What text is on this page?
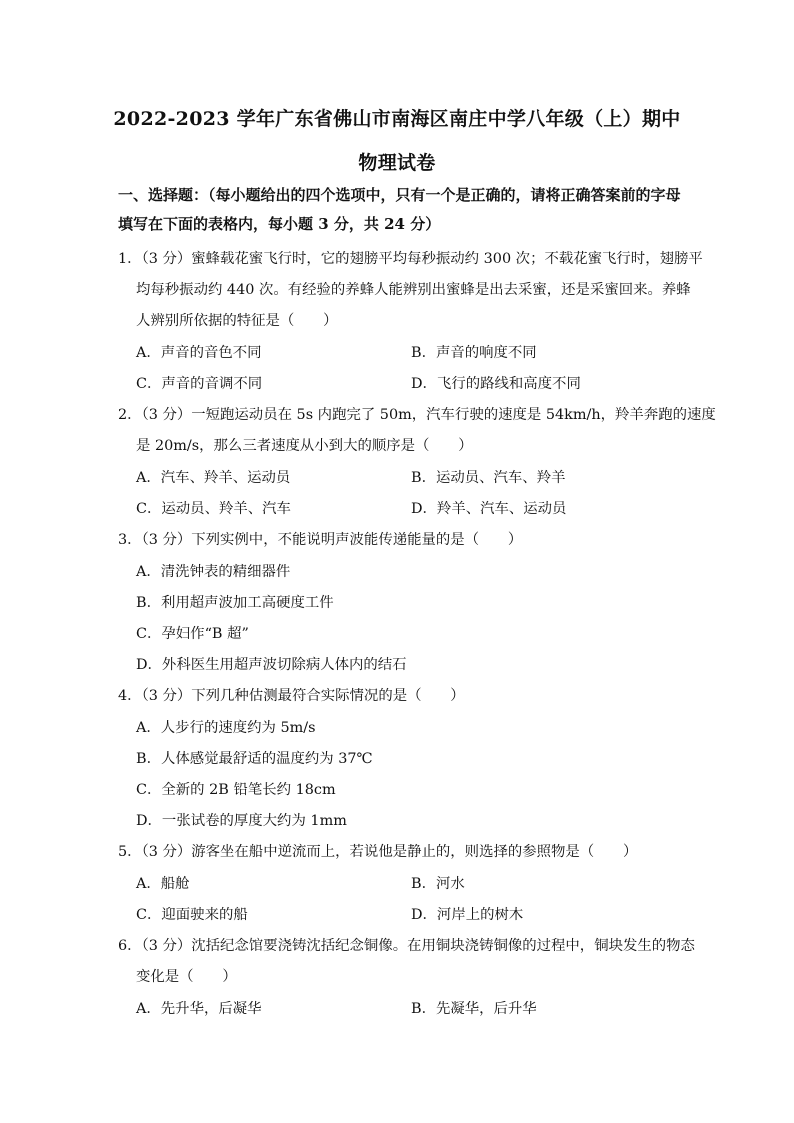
2022-2023 学年广东省佛山市南海区南庄中学八年级（上）期中
物理试卷
一、选择题：（每小题给出的四个选项中，只有一个是正确的，请将正确答案前的字母填写在下面的表格内，每小题 3 分，共 24 分）
1．（3 分）蜜蜂载花蜜飞行时，它的翅膀平均每秒振动约 300 次；不载花蜜飞行时，翅膀平
均每秒振动约 440 次。有经验的养蜂人能辨别出蜜蜂是出去采蜜，还是采蜜回来。养蜂
人辨别所依据的特征是（　　）
A．声音的音色不同	B．声音的响度不同
C．声音的音调不同	D．飞行的路线和高度不同
2．（3 分）一短跑运动员在 5s 内跑完了 50m，汽车行驶的速度是 54km/h，羚羊奔跑的速度
是 20m/s，那么三者速度从小到大的顺序是（　　）
A．汽车、羚羊、运动员	B．运动员、汽车、羚羊
C．运动员、羚羊、汽车	D．羚羊、汽车、运动员
3．（3 分）下列实例中，不能说明声波能传递能量的是（　　）
A．清洗钟表的精细器件
B．利用超声波加工高硬度工件
C．孕妇作“B 超”
D．外科医生用超声波切除病人体内的结石
4．（3 分）下列几种估测最符合实际情况的是（　　）
A．人步行的速度约为 5m/s
B．人体感觉最舒适的温度约为 37℃
C．全新的 2B 铅笔长约 18cm
D．一张试卷的厚度大约为 1mm
5．（3 分）游客坐在船中逆流而上，若说他是静止的，则选择的参照物是（　　）
A．船舱	B．河水
C．迎面驶来的船	D．河岸上的树木
6．（3 分）沈括纪念馆要浇铸沈括纪念铜像。在用铜块浇铸铜像的过程中，铜块发生的物态
变化是（　　）
A．先升华，后凝华	B．先凝华，后升华
